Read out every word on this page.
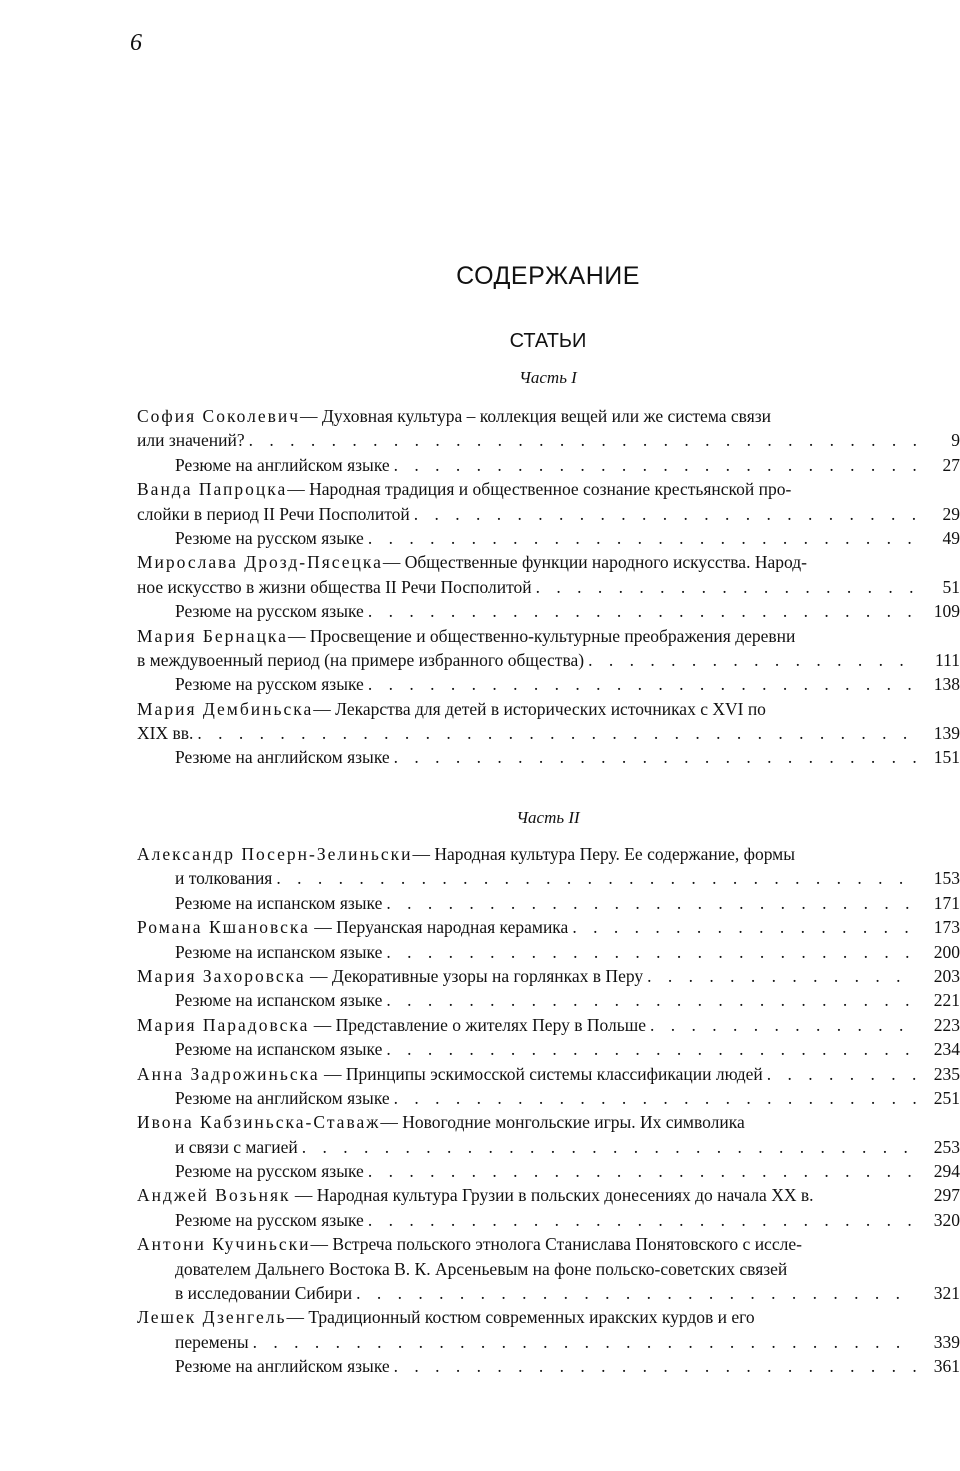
6
СОДЕРЖАНИЕ
СТАТЬИ
Часть I
София Соколевич — Духовная культура – коллекция вещей или же система связи
или значений? . . .	9
Резюме на английском языке . . .	27
Ванда Папроцка — Народная традиция и общественное сознание крестьянской про-
слойки в период II Речи Посполитой . . .	29
Резюме на русском языке . . .	49
Мирослава Дрозд-Пясецка — Общественные функции народного искусства. Народ-
ное искусство в жизни общества II Речи Посполитой . . .	51
Резюме на русском языке . . .	109
Мария Бернацка — Просвещение и общественно-культурные преображения деревни
в междувоенный период (на примере избранного общества) . . .	111
Резюме на русском языке . . .	138
Мария Дембиньска — Лекарства для детей в исторических источниках с XVI по
XIX вв. . . .	139
Резюме на английском языке . . .	151
Часть II
Александр Посерн-Зелиньски — Народная культура Перу. Ее содержание, формы
и толкования . . .	153
Резюме на испанском языке . . .	171
Романа Кшановска — Перуанская народная керамика . . .	173
Резюме на испанском языке . . .	200
Мария Захоровска — Декоративные узоры на горлянках в Перу . . .	203
Резюме на испанском языке . . .	221
Мария Парадовска — Представление о жителях Перу в Польше . . .	223
Резюме на испанском языке . . .	234
Анна Задрожиньска — Принципы эскимосской системы классификации людей . . .	235
Резюме на английском языке . . .	251
Ивона Кабзиньска-Ставаж — Новогодние монгольские игры. Их символика
и связи с магией . . .	253
Резюме на русском языке . . .	294
Анджей Возьняк — Народная культура Грузии в польских донесениях до начала XX в.	297
Резюме на русском языке . . .	320
Антони Кучиньски — Встреча польского этнолога Станислава Понятовского с иссле-
дователем Дальнего Востока В. К. Арсеньевым на фоне польско-советских связей
в исследовании Сибири . . .	321
Лешек Дзенгель — Традиционный костюм современных иракских курдов и его
перемены . . .	339
Резюме на английском языке . . .	361
